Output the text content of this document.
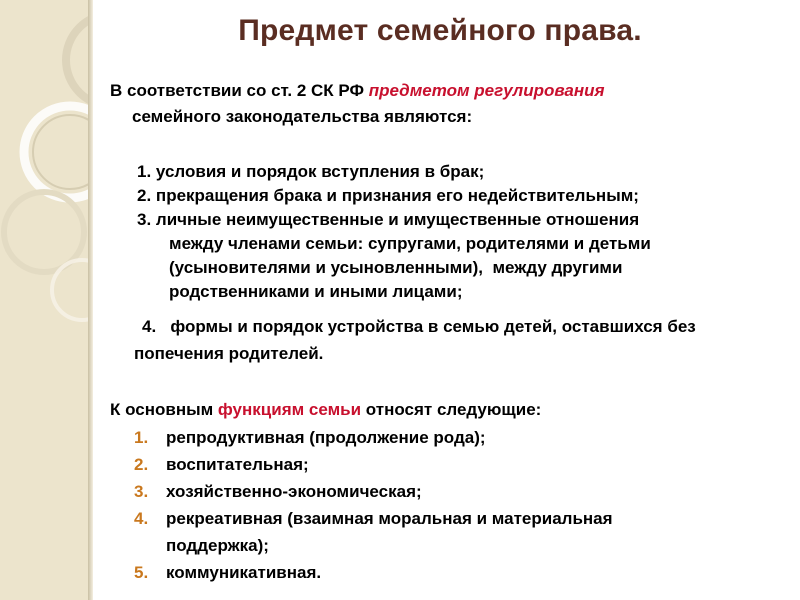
Предмет семейного права.
В соответствии со ст. 2 СК РФ предметом регулирования
семейного законодательства являются:
1. условия и порядок вступления в брак;
2. прекращения брака и признания его недействительным;
3. личные неимущественные и имущественные отношения
между членами семьи: супругами, родителями и детьми
(усыновителями и усыновленными),  между другими
родственниками и иными лицами;
4. формы и порядок устройства в семью детей, оставшихся без
попечения родителей.
К основным функциям семьи относят следующие:
1.	репродуктивная (продолжение рода);
2.	воспитательная;
3.	хозяйственно-экономическая;
4.	рекреативная (взаимная моральная и материальная
поддержка);
5.	коммуникативная.
